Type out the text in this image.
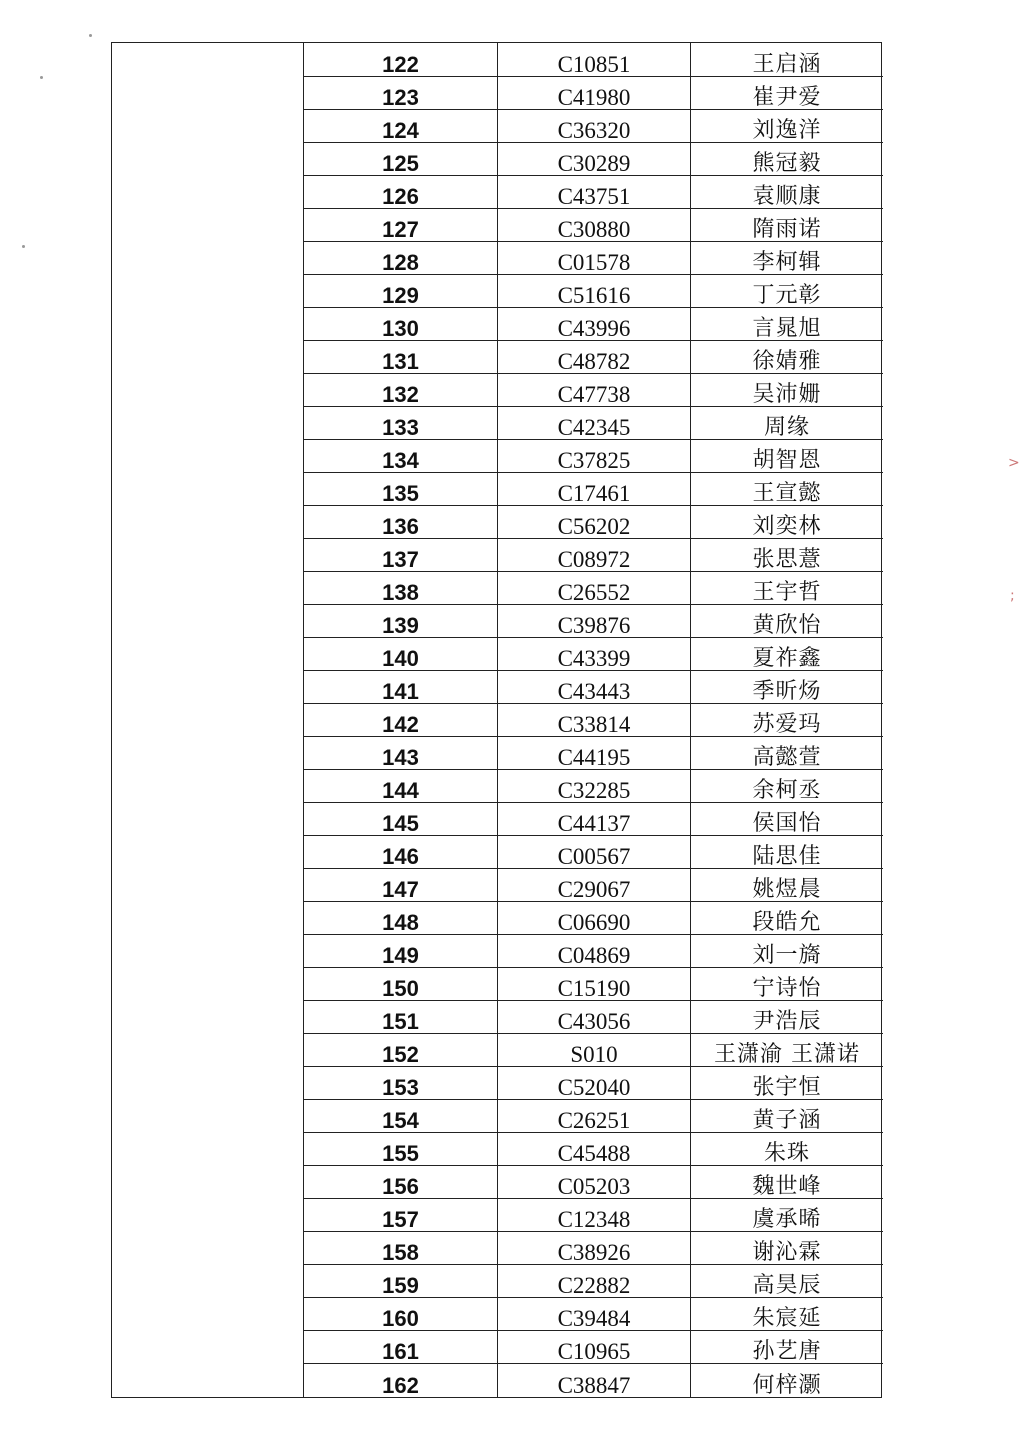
>
;
122	C10851	王启涵
123	C41980	崔尹爱
124	C36320	刘逸洋
125	C30289	熊冠毅
126	C43751	袁顺康
127	C30880	隋雨诺
128	C01578	李柯辑
129	C51616	丁元彰
130	C43996	言晁旭
131	C48782	徐婧雅
132	C47738	吴沛姗
133	C42345	周缘
134	C37825	胡智恩
135	C17461	王宣懿
136	C56202	刘奕林
137	C08972	张思薏
138	C26552	王宇哲
139	C39876	黄欣怡
140	C43399	夏祚鑫
141	C43443	季昕炀
142	C33814	苏爱玛
143	C44195	高懿萱
144	C32285	余柯丞
145	C44137	侯国怡
146	C00567	陆思佳
147	C29067	姚煜晨
148	C06690	段皓允
149	C04869	刘一旖
150	C15190	宁诗怡
151	C43056	尹浩辰
152	S010	王潇渝 王潇诺
153	C52040	张宇恒
154	C26251	黄子涵
155	C45488	朱珠
156	C05203	魏世峰
157	C12348	虞承晞
158	C38926	谢沁霖
159	C22882	高昊辰
160	C39484	朱宸延
161	C10965	孙艺唐
162	C38847	何梓灏
